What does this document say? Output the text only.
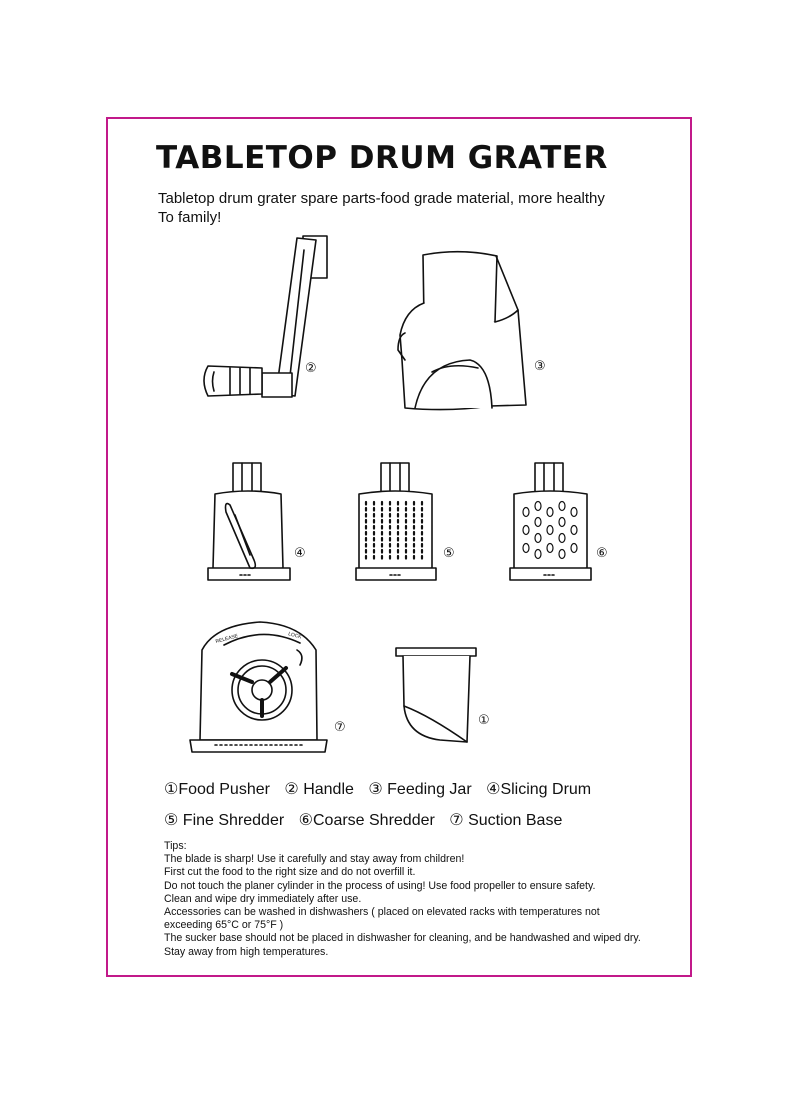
TABLETOP DRUM GRATER

Tabletop drum grater spare parts-food grade material, more healthy
To family!

②	③
④	⑤	⑥
RELEASE	LOCK
⑦	①

①Food Pusher ② Handle ③ Feeding Jar ④Slicing Drum

⑤ Fine Shredder ⑥Coarse Shredder ⑦ Suction Base

Tips:
The blade is sharp! Use it carefully and stay away from children!
First cut the food to the right size and do not overfill it.
Do not touch the planer cylinder in the process of using! Use food propeller to ensure safety.
Clean and wipe dry immediately after use.
Accessories can be washed in dishwashers ( placed on elevated racks with temperatures not
exceeding 65°C or 75°F )
The sucker base should not be placed in dishwasher for cleaning, and be handwashed and wiped dry.
Stay away from high temperatures.
